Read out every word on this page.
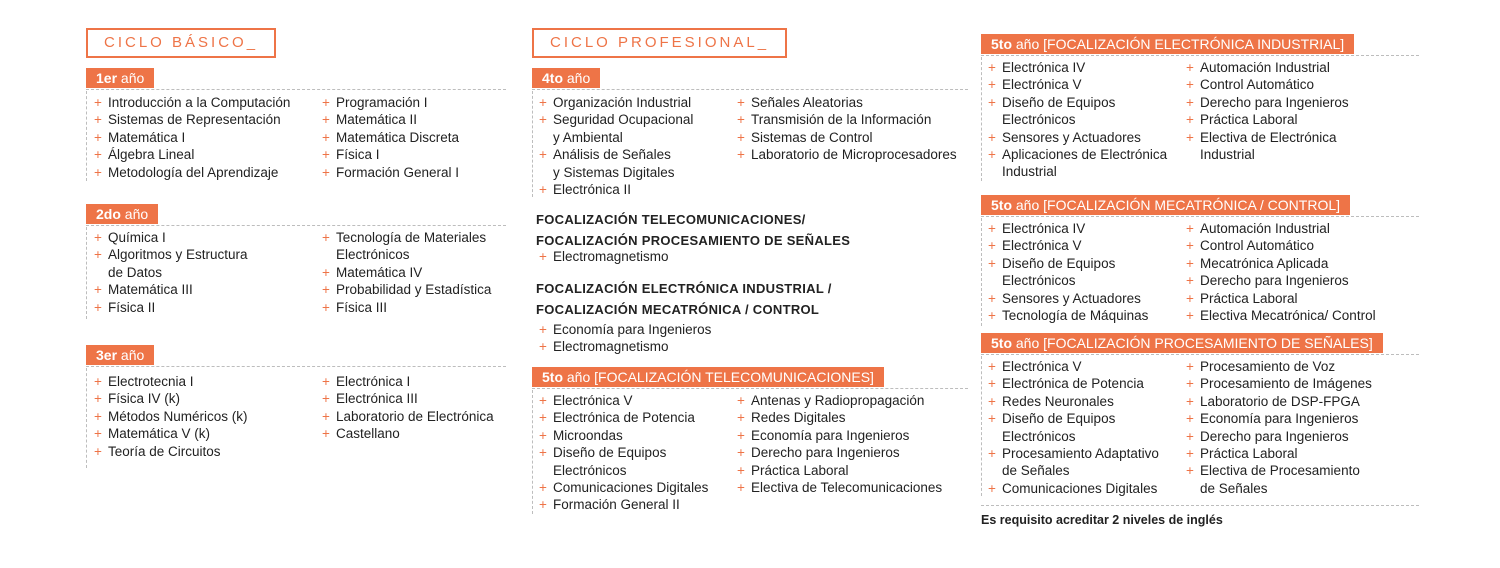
CICLO BÁSICO_
1er año
+ Introducción a la Computación
+ Sistemas de Representación
+ Matemática I
+ Álgebra Lineal
+ Metodología del Aprendizaje
+ Programación I
+ Matemática II
+ Matemática Discreta
+ Física I
+ Formación General I
2do año
+ Química I
+ Algoritmos y Estructura
de Datos
+ Matemática III
+ Física II
+ Tecnología de Materiales
Electrónicos
+ Matemática IV
+ Probabilidad y Estadística
+ Física III
3er año
+ Electrotecnia I
+ Física IV (k)
+ Métodos Numéricos (k)
+ Matemática V (k)
+ Teoría de Circuitos
+ Electrónica I
+ Electrónica III
+ Laboratorio de Electrónica
+ Castellano
CICLO PROFESIONAL_
4to año
+ Organización Industrial
+ Seguridad Ocupacional
y Ambiental
+ Análisis de Señales
y Sistemas Digitales
+ Electrónica II
+ Señales Aleatorias
+ Transmisión de la Información
+ Sistemas de Control
+ Laboratorio de Microprocesadores
FOCALIZACIÓN TELECOMUNICACIONES/
FOCALIZACIÓN PROCESAMIENTO DE SEÑALES
+ Electromagnetismo
FOCALIZACIÓN ELECTRÓNICA INDUSTRIAL /
FOCALIZACIÓN MECATRÓNICA / CONTROL
+ Economía para Ingenieros
+ Electromagnetismo
5to año [FOCALIZACIÓN TELECOMUNICACIONES]
+ Electrónica V
+ Electrónica de Potencia
+ Microondas
+ Diseño de Equipos
Electrónicos
+ Comunicaciones Digitales
+ Formación General II
+ Antenas y Radiopropagación
+ Redes Digitales
+ Economía para Ingenieros
+ Derecho para Ingenieros
+ Práctica Laboral
+ Electiva de Telecomunicaciones
5to año [FOCALIZACIÓN ELECTRÓNICA INDUSTRIAL]
+ Electrónica IV
+ Electrónica V
+ Diseño de Equipos
Electrónicos
+ Sensores y Actuadores
+ Aplicaciones de Electrónica
Industrial
+ Automación Industrial
+ Control Automático
+ Derecho para Ingenieros
+ Práctica Laboral
+ Electiva de Electrónica
Industrial
5to año [FOCALIZACIÓN MECATRÓNICA / CONTROL]
+ Electrónica IV
+ Electrónica V
+ Diseño de Equipos
Electrónicos
+ Sensores y Actuadores
+ Tecnología de Máquinas
+ Automación Industrial
+ Control Automático
+ Mecatrónica Aplicada
+ Derecho para Ingenieros
+ Práctica Laboral
+ Electiva Mecatrónica/ Control
5to año [FOCALIZACIÓN PROCESAMIENTO DE SEÑALES]
+ Electrónica V
+ Electrónica de Potencia
+ Redes Neuronales
+ Diseño de Equipos
Electrónicos
+ Procesamiento Adaptativo
de Señales
+ Comunicaciones Digitales
+ Procesamiento de Voz
+ Procesamiento de Imágenes
+ Laboratorio de DSP-FPGA
+ Economía para Ingenieros
+ Derecho para Ingenieros
+ Práctica Laboral
+ Electiva de Procesamiento
de Señales
Es requisito acreditar 2 niveles de inglés
